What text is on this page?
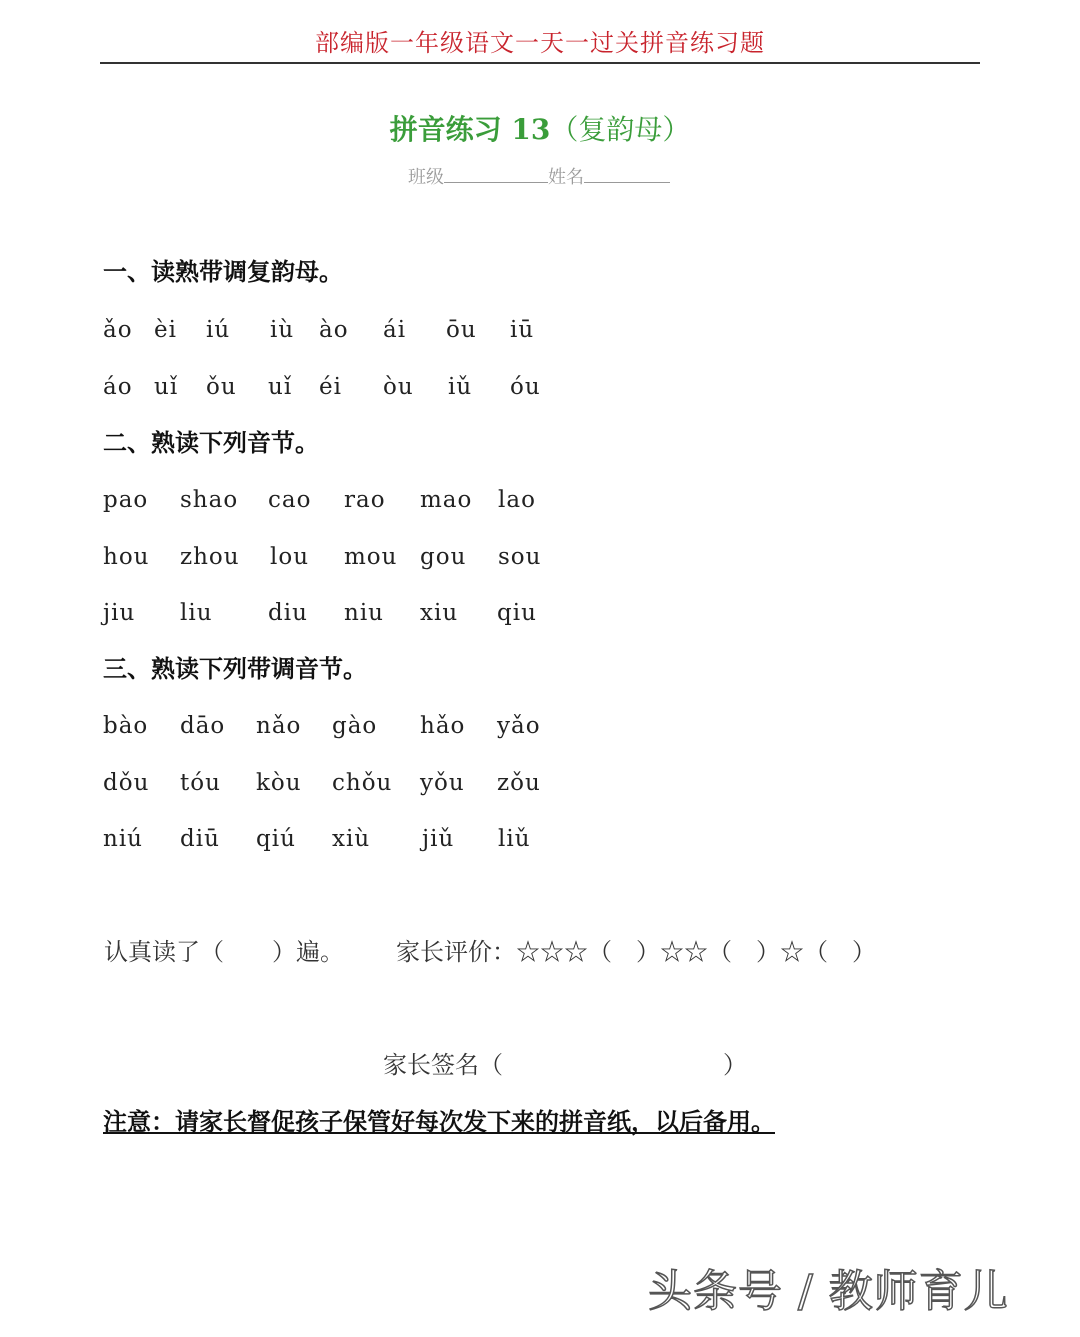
部编版一年级语文一天一过关拼音练习题
拼音练习 13（复韵母）
班级	姓名
一、读熟带调复韵母。
ǎo èi iú iù ào ái ōu iū
áo uǐ ǒu uǐ éi òu iǔ óu
二、熟读下列音节。
pao shao cao rao mao lao
hou zhou lou mou gou sou
jiu liu diu niu xiu qiu
三、熟读下列带调音节。
bào dāo nǎo gào hǎo yǎo
dǒu tóu kòu chǒu yǒu zǒu
niú diū qiú xiù jiǔ liǔ
认真读了（　　）遍。 家长评价：☆☆☆（　）☆☆（　）☆（　）
家长签名（	）
注意：请家长督促孩子保管好每次发下来的拼音纸，以后备用。
头条号 / 教师育儿
